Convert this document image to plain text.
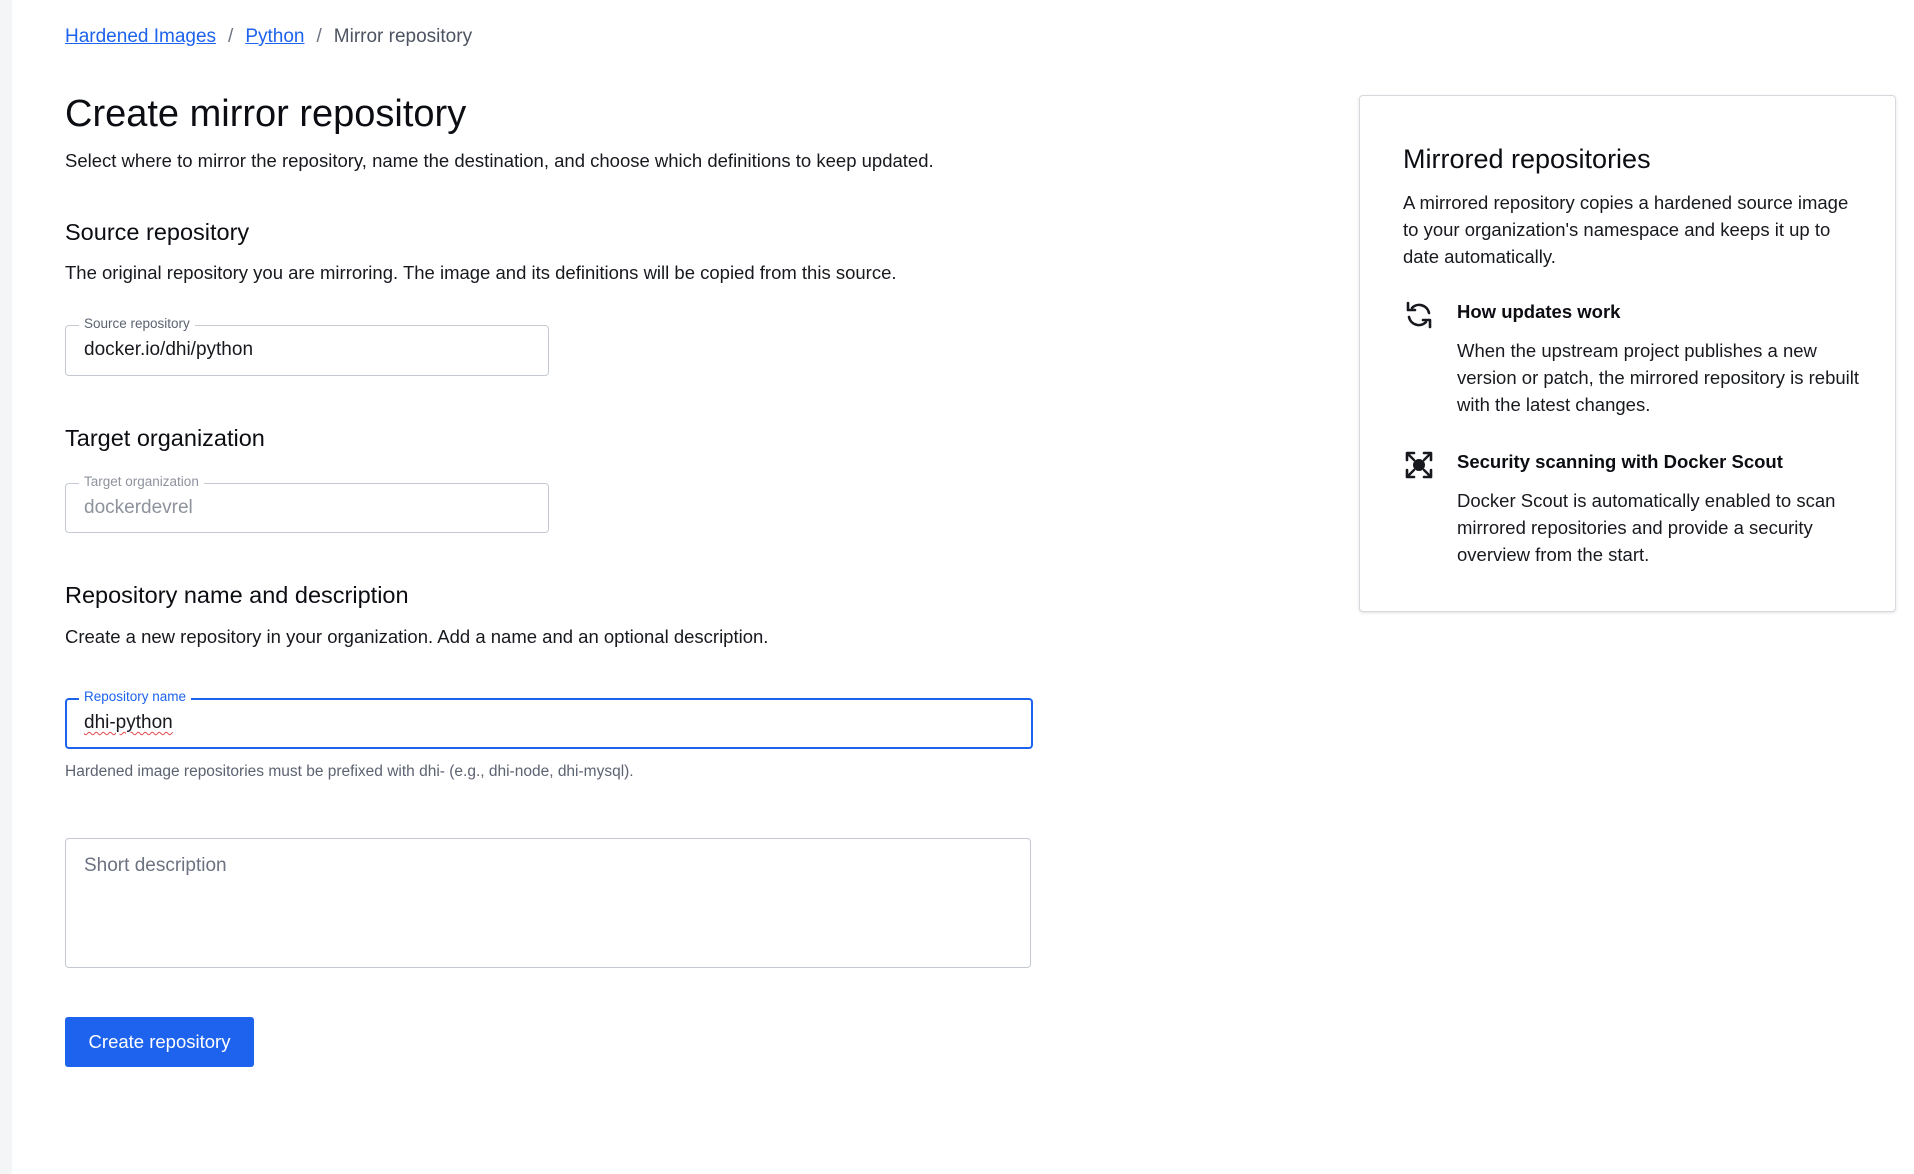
Hardened Images / Python / Mirror repository
Create mirror repository

Select where to mirror the repository, name the destination, and choose which definitions to keep updated.

Source repository

The original repository you are mirroring. The image and its definitions will be copied from this source.

Source repository
docker.io/dhi/python
Target organization
Target organization
dockerdevrel
Repository name and description

Create a new repository in your organization. Add a name and an optional description.

Repository name
dhi-python

Hardened image repositories must be prefixed with dhi- (e.g., dhi-node, dhi-mysql).

Short description
Create repository
Mirrored repositories

A mirrored repository copies a hardened source image to your organization's namespace and keeps it up to date automatically.

How updates work

When the upstream project publishes a new version or patch, the mirrored repository is rebuilt with the latest changes.

Security scanning with Docker Scout

Docker Scout is automatically enabled to scan mirrored repositories and provide a security overview from the start.
